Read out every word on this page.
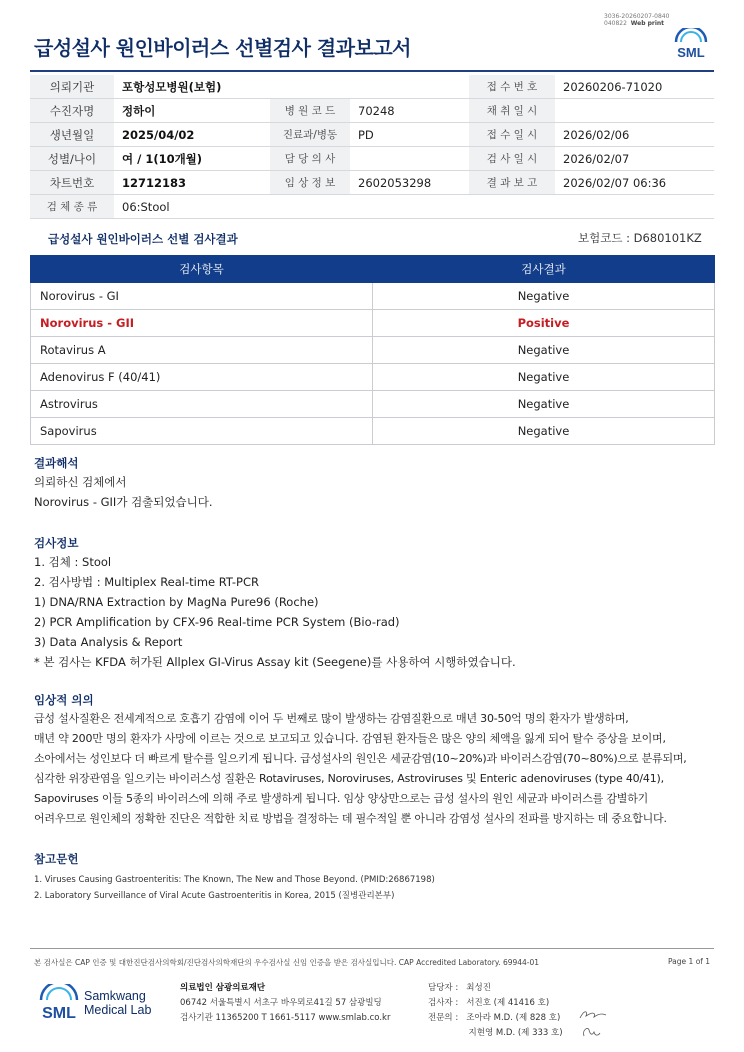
3036-20260207-0840
040822 Web print
급성설사 원인바이러스 선별검사 결과보고서	SML
의뢰기관	포항성모병원(보험)			접 수 번 호	20260206-71020
수진자명	정하이	병 원 코 드	70248	채 취 일 시	
생년월일	2025/04/02	진료과/병동	PD	접 수 일 시	2026/02/06
성별/나이	여 / 1(10개월)	담 당 의 사		검 사 일 시	2026/02/07
차트번호	12712183	임 상 정 보	2602053298	결 과 보 고	2026/02/07 06:36
검 체 종 류	06:Stool				
급성설사 원인바이러스 선별 검사결과	보험코드 : D680101KZ
검사항목	검사결과
Norovirus - GI	Negative
Norovirus - GII	Positive
Rotavirus A	Negative
Adenovirus F (40/41)	Negative
Astrovirus	Negative
Sapovirus	Negative
결과해석
의뢰하신 검체에서
Norovirus - GII가 검출되었습니다.
검사정보
1. 검체 : Stool
2. 검사방법 : Multiplex Real-time RT-PCR
1) DNA/RNA Extraction by MagNa Pure96 (Roche)
2) PCR Amplification by CFX-96 Real-time PCR System (Bio-rad)
3) Data Analysis & Report
* 본 검사는 KFDA 허가된 Allplex GI-Virus Assay kit (Seegene)를 사용하여 시행하였습니다.
임상적 의의
급성 설사질환은 전세계적으로 호흡기 감염에 이어 두 번째로 많이 발생하는 감염질환으로 매년 30-50억 명의 환자가 발생하며,
매년 약 200만 명의 환자가 사망에 이르는 것으로 보고되고 있습니다. 감염된 환자들은 많은 양의 체액을 잃게 되어 탈수 증상을 보이며,
소아에서는 성인보다 더 빠르게 탈수를 일으키게 됩니다. 급성설사의 원인은 세균감염(10~20%)과 바이러스감염(70~80%)으로 분류되며,
심각한 위장관염을 일으키는 바이러스성 질환은 Rotaviruses, Noroviruses, Astroviruses 및 Enteric adenoviruses (type 40/41),
Sapoviruses 이들 5종의 바이러스에 의해 주로 발생하게 됩니다. 임상 양상만으로는 급성 설사의 원인 세균과 바이러스를 감별하기
어려우므로 원인체의 정확한 진단은 적합한 치료 방법을 결정하는 데 필수적일 뿐 아니라 감염성 설사의 전파를 방지하는 데 중요합니다.
참고문헌
1. Viruses Causing Gastroenteritis: The Known, The New and Those Beyond. (PMID:26867198)
2. Laboratory Surveillance of Viral Acute Gastroenteritis in Korea, 2015 (질병관리본부)
본 검사실은 CAP 인증 및 대한진단검사의학회/진단검사의학재단의 우수검사실 신임 인증을 받은 검사실입니다. CAP Accredited Laboratory. 69944-01	Page 1 of 1
SML
Samkwang
Medical Lab
의료법인 삼광의료재단
06742 서울특별시 서초구 바우뫼로41길 57 삼광빌딩
검사기관 11365200 T 1661-5117 www.smlab.co.kr
담당자 :   최성진
검사자 :   서진호 (제 41416 호)
전문의 :   조아라 M.D. (제 828 호)
지현영 M.D. (제 333 호)
